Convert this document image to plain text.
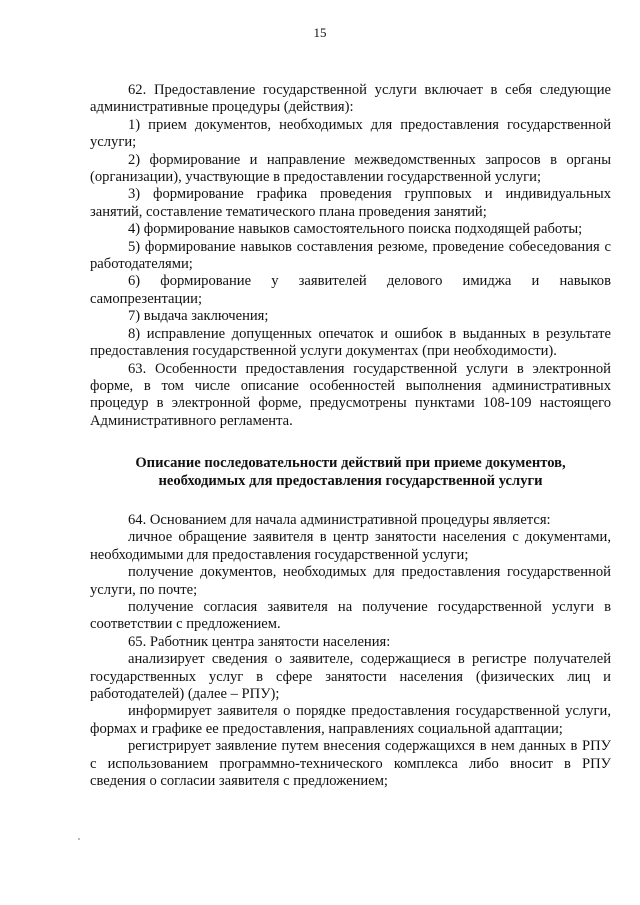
15

62. Предоставление государственной услуги включает в себя следующие административные процедуры (действия):

1) прием документов, необходимых для предоставления государственной услуги;

2) формирование и направление межведомственных запросов в органы (организации), участвующие в предоставлении государственной услуги;

3) формирование графика проведения групповых и индивидуальных занятий, составление тематического плана проведения занятий;

4) формирование навыков самостоятельного поиска подходящей работы;

5) формирование навыков составления резюме, проведение собеседования с работодателями;

6) формирование у заявителей делового имиджа и навыков самопрезентации;

7) выдача заключения;

8) исправление допущенных опечаток и ошибок в выданных в результате предоставления государственной услуги документах (при необходимости).

63. Особенности предоставления государственной услуги в электронной форме, в том числе описание особенностей выполнения административных процедур в электронной форме, предусмотрены пунктами 108-109 настоящего Административного регламента.

Описание последовательности действий при приеме документов,
необходимых для предоставления государственной услуги

64. Основанием для начала административной процедуры является:

личное обращение заявителя в центр занятости населения с документами, необходимыми для предоставления государственной услуги;

получение документов, необходимых для предоставления государственной услуги, по почте;

получение согласия заявителя на получение государственной услуги в соответствии с предложением.

65. Работник центра занятости населения:

анализирует сведения о заявителе, содержащиеся в регистре получателей государственных услуг в сфере занятости населения (физических лиц и работодателей) (далее – РПУ);

информирует заявителя о порядке предоставления государственной услуги, формах и графике ее предоставления, направлениях социальной адаптации;

регистрирует заявление путем внесения содержащихся в нем данных в РПУ с использованием программно-технического комплекса либо вносит в РПУ сведения о согласии заявителя с предложением;
